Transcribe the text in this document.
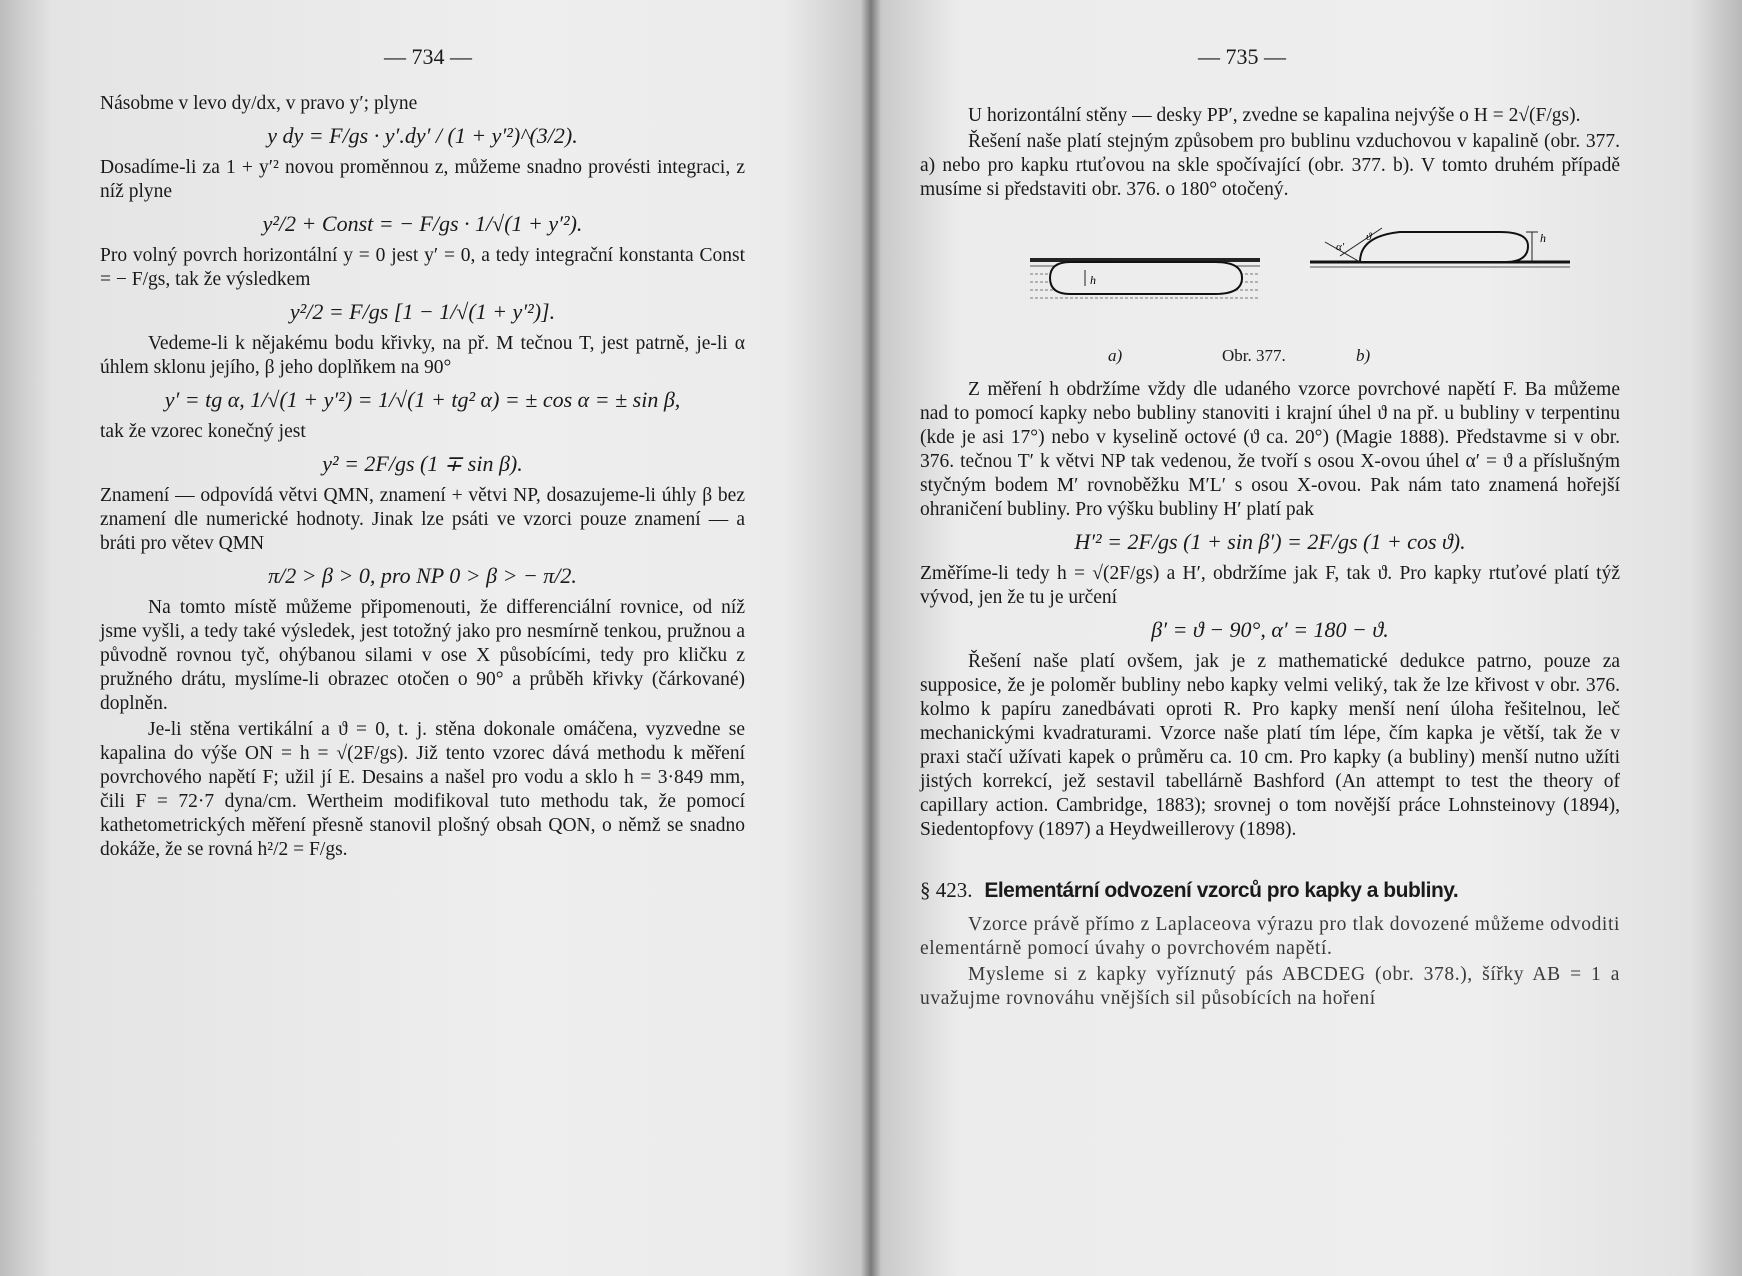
— 734 —

Násobme v levo dy/dx, v pravo y′; plyne

y dy = F/gs · y′.dy′ / (1 + y′²)^(3/2).

Dosadíme-li za 1 + y′² novou proměnnou z, můžeme snadno provésti integraci, z níž plyne

y²/2 + Const = − F/gs · 1/√(1 + y′²).

Pro volný povrch horizontální y = 0 jest y′ = 0, a tedy integrační konstanta Const = − F/gs, tak že výsledkem

y²/2 = F/gs [1 − 1/√(1 + y′²)].

Vedeme-li k nějakému bodu křivky, na př. M tečnou T, jest patrně, je-li α úhlem sklonu jejího, β jeho doplňkem na 90°

y′ = tg α, 1/√(1 + y′²) = 1/√(1 + tg² α) = ± cos α = ± sin β,

tak že vzorec konečný jest

y² = 2F/gs (1 ∓ sin β).

Znamení — odpovídá větvi QMN, znamení + větvi NP, dosazujeme-li úhly β bez znamení dle numerické hodnoty. Jinak lze psáti ve vzorci pouze znamení — a bráti pro větev QMN

π/2 > β > 0, pro NP 0 > β > − π/2.

Na tomto místě můžeme připomenouti, že differenciální rovnice, od níž jsme vyšli, a tedy také výsledek, jest totožný jako pro nesmírně tenkou, pružnou a původně rovnou tyč, ohýbanou silami v ose X působícími, tedy pro kličku z pružného drátu, myslíme-li obrazec otočen o 90° a průběh křivky (čárkované) doplněn.

Je-li stěna vertikální a ϑ = 0, t. j. stěna dokonale omáčena, vyzvedne se kapalina do výše ON = h = √(2F/gs). Již tento vzorec dává methodu k měření povrchového napětí F; užil jí E. Desains a našel pro vodu a sklo h = 3·849 mm, čili F = 72·7 dyna/cm. Wertheim modifikoval tuto methodu tak, že pomocí kathetometrických měření přesně stanovil plošný obsah QON, o němž se snadno dokáže, že se rovná h²/2 = F/gs.

— 735 —

U horizontální stěny — desky PP′, zvedne se kapalina nejvýše o H = 2√(F/gs).

Řešení naše platí stejným způsobem pro bublinu vzduchovou v kapalině (obr. 377. a) nebo pro kapku rtuťovou na skle spočívající (obr. 377. b). V tomto druhém případě musíme si představiti obr. 376. o 180° otočený.

h
α′
ϑ	h
a)	Obr. 377.	b)

Z měření h obdržíme vždy dle udaného vzorce povrchové napětí F. Ba můžeme nad to pomocí kapky nebo bubliny stanoviti i krajní úhel ϑ na př. u bubliny v terpentinu (kde je asi 17°) nebo v kyselině octové (ϑ ca. 20°) (Magie 1888). Představme si v obr. 376. tečnou T′ k větvi NP tak vedenou, že tvoří s osou X-ovou úhel α′ = ϑ a příslušným styčným bodem M′ rovnoběžku M′L′ s osou X-ovou. Pak nám tato znamená hořejší ohraničení bubliny. Pro výšku bubliny H′ platí pak

H′² = 2F/gs (1 + sin β′) = 2F/gs (1 + cos ϑ).

Změříme-li tedy h = √(2F/gs) a H′, obdržíme jak F, tak ϑ. Pro kapky rtuťové platí týž vývod, jen že tu je určení

β′ = ϑ − 90°, α′ = 180 − ϑ.

Řešení naše platí ovšem, jak je z mathematické dedukce patrno, pouze za supposice, že je poloměr bubliny nebo kapky velmi veliký, tak že lze křivost v obr. 376. kolmo k papíru zanedbávati oproti R. Pro kapky menší není úloha řešitelnou, leč mechanickými kvadraturami. Vzorce naše platí tím lépe, čím kapka je větší, tak že v praxi stačí užívati kapek o průměru ca. 10 cm. Pro kapky (a bubliny) menší nutno užíti jistých korrekcí, jež sestavil tabellárně Bashford (An attempt to test the theory of capillary action. Cambridge, 1883); srovnej o tom novější práce Lohnsteinovy (1894), Siedentopfovy (1897) a Heydweillerovy (1898).

§ 423. Elementární odvození vzorců pro kapky a bubliny.

Vzorce právě přímo z Laplaceova výrazu pro tlak dovozené můžeme odvoditi elementárně pomocí úvahy o povrchovém napětí.

Mysleme si z kapky vyříznutý pás ABCDEG (obr. 378.), šířky AB = 1 a uvažujme rovnováhu vnějších sil působících na hoření
